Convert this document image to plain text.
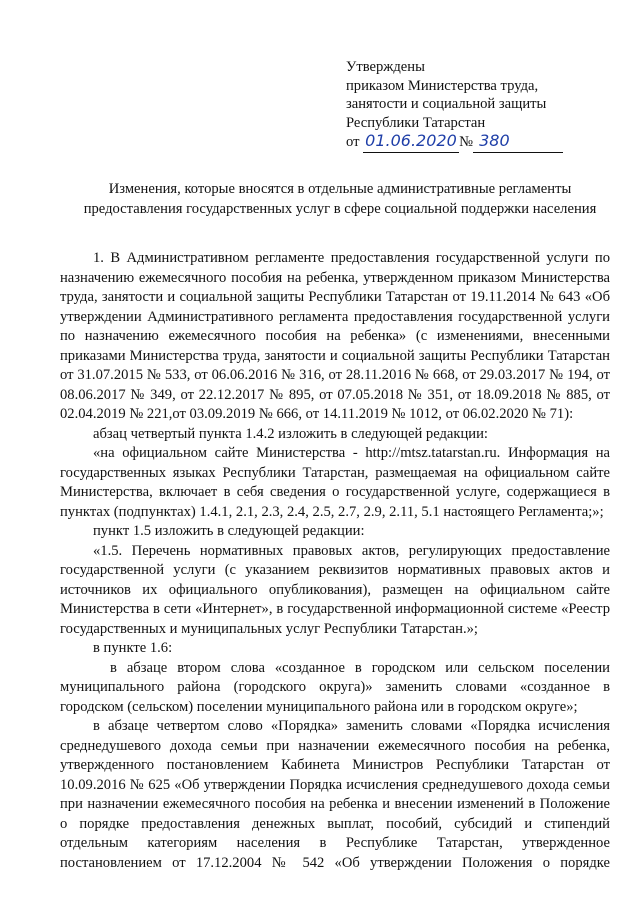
Утверждены
приказом Министерства труда,
занятости и социальной защиты
Республики Татарстан
от 01.06.2020 № 380
Изменения, которые вносятся в отдельные административные регламенты предоставления государственных услуг в сфере социальной поддержки населения

1. В Административном регламенте предоставления государственной услуги по назначению ежемесячного пособия на ребенка, утвержденном приказом Министерства труда, занятости и социальной защиты Республики Татарстан от 19.11.2014 № 643 «Об утверждении Административного регламента предоставления государственной услуги по назначению ежемесячного пособия на ребенка» (с изменениями, внесенными приказами Министерства труда, занятости и социальной защиты Республики Татарстан от 31.07.2015 № 533, от 06.06.2016 № 316, от 28.11.2016 № 668, от 29.03.2017 № 194, от 08.06.2017 № 349, от 22.12.2017 № 895, от 07.05.2018 № 351, от 18.09.2018 № 885, от 02.04.2019 № 221,от 03.09.2019 № 666, от 14.11.2019 № 1012, от 06.02.2020 № 71):

абзац четвертый пункта 1.4.2 изложить в следующей редакции:

«на официальном сайте Министерства - http://mtsz.tatarstan.ru. Информация на государственных языках Республики Татарстан, размещаемая на официальном сайте Министерства, включает в себя сведения о государственной услуге, содержащиеся в пунктах (подпунктах) 1.4.1, 2.1, 2.3, 2.4, 2.5, 2.7, 2.9, 2.11, 5.1 настоящего Регламента;»;

пункт 1.5 изложить в следующей редакции:

«1.5. Перечень нормативных правовых актов, регулирующих предоставление государственной услуги (с указанием реквизитов нормативных правовых актов и источников их официального опубликования), размещен на официальном сайте Министерства в сети «Интернет», в государственной информационной системе «Реестр государственных и муниципальных услуг Республики Татарстан.»;

в пункте 1.6:

в абзаце втором слова «созданное в городском или сельском поселении муниципального района (городского округа)» заменить словами «созданное в городском (сельском) поселении муниципального района или в городском округе»;

в абзаце четвертом слово «Порядка» заменить словами «Порядка исчисления среднедушевого дохода семьи при назначении ежемесячного пособия на ребенка, утвержденного постановлением Кабинета Министров Республики Татарстан от 10.09.2016 № 625 «Об утверждении Порядка исчисления среднедушевого дохода семьи при назначении ежемесячного пособия на ребенка и внесении изменений в Положение о порядке предоставления денежных выплат, пособий, субсидий и стипендий отдельным категориям населения в Республике Татарстан, утвержденное постановлением от 17.12.2004 № 542 «Об утверждении Положения о порядке
